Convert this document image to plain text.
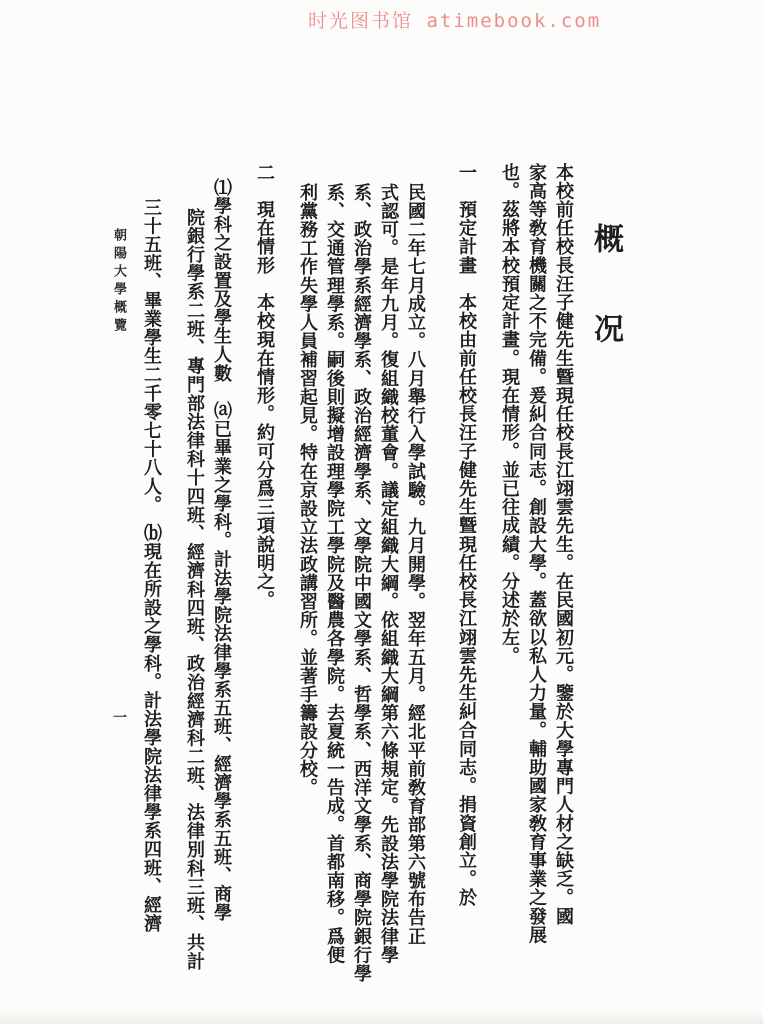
时光图书馆 atimebook.com
概　况
本校前任校長汪子健先生曁現任校長江翊雲先生。在民國初元。鑒於大學專門人材之缺乏。國
家高等敎育機關之不完備。爰糾合同志。創設大學。蓋欲以私人力量。輔助國家敎育事業之發展
也。茲將本校預定計畫。現在情形。並已往成績。分述於左。
一　預定計畫　本校由前任校長汪子健先生曁現任校長江翊雲先生糾合同志。捐資創立。於
民國二年七月成立。八月舉行入學試驗。九月開學。翌年五月。經北平前敎育部第六號布告正
式認可。是年九月。復組織校董會。議定組織大綱。依組織大綱第六條規定。先設法學院法律學
系、政治學系經濟學系、政治經濟學系、文學院中國文學系、哲學系、西洋文學系、商學院銀行學
系、交通管理學系。嗣後則擬增設理學院工學院及醫農各學院。去夏統一告成。首都南移。爲便
利黨務工作失學人員補習起見。特在京設立法政講習所。並著手籌設分校。
二　現在情形　本校現在情形。約可分爲三項說明之。
⑴學科之設置及學生人數　⒜已畢業之學科。計法學院法律學系五班、經濟學系五班、商學
院銀行學系二班、專門部法律科十四班、經濟科四班、政治經濟科二班、法律別科三班、共計
三十五班、畢業學生二千零七十八人。　⒝現在所設之學科。計法學院法律學系四班、經濟
朝陽大學概覽
一
